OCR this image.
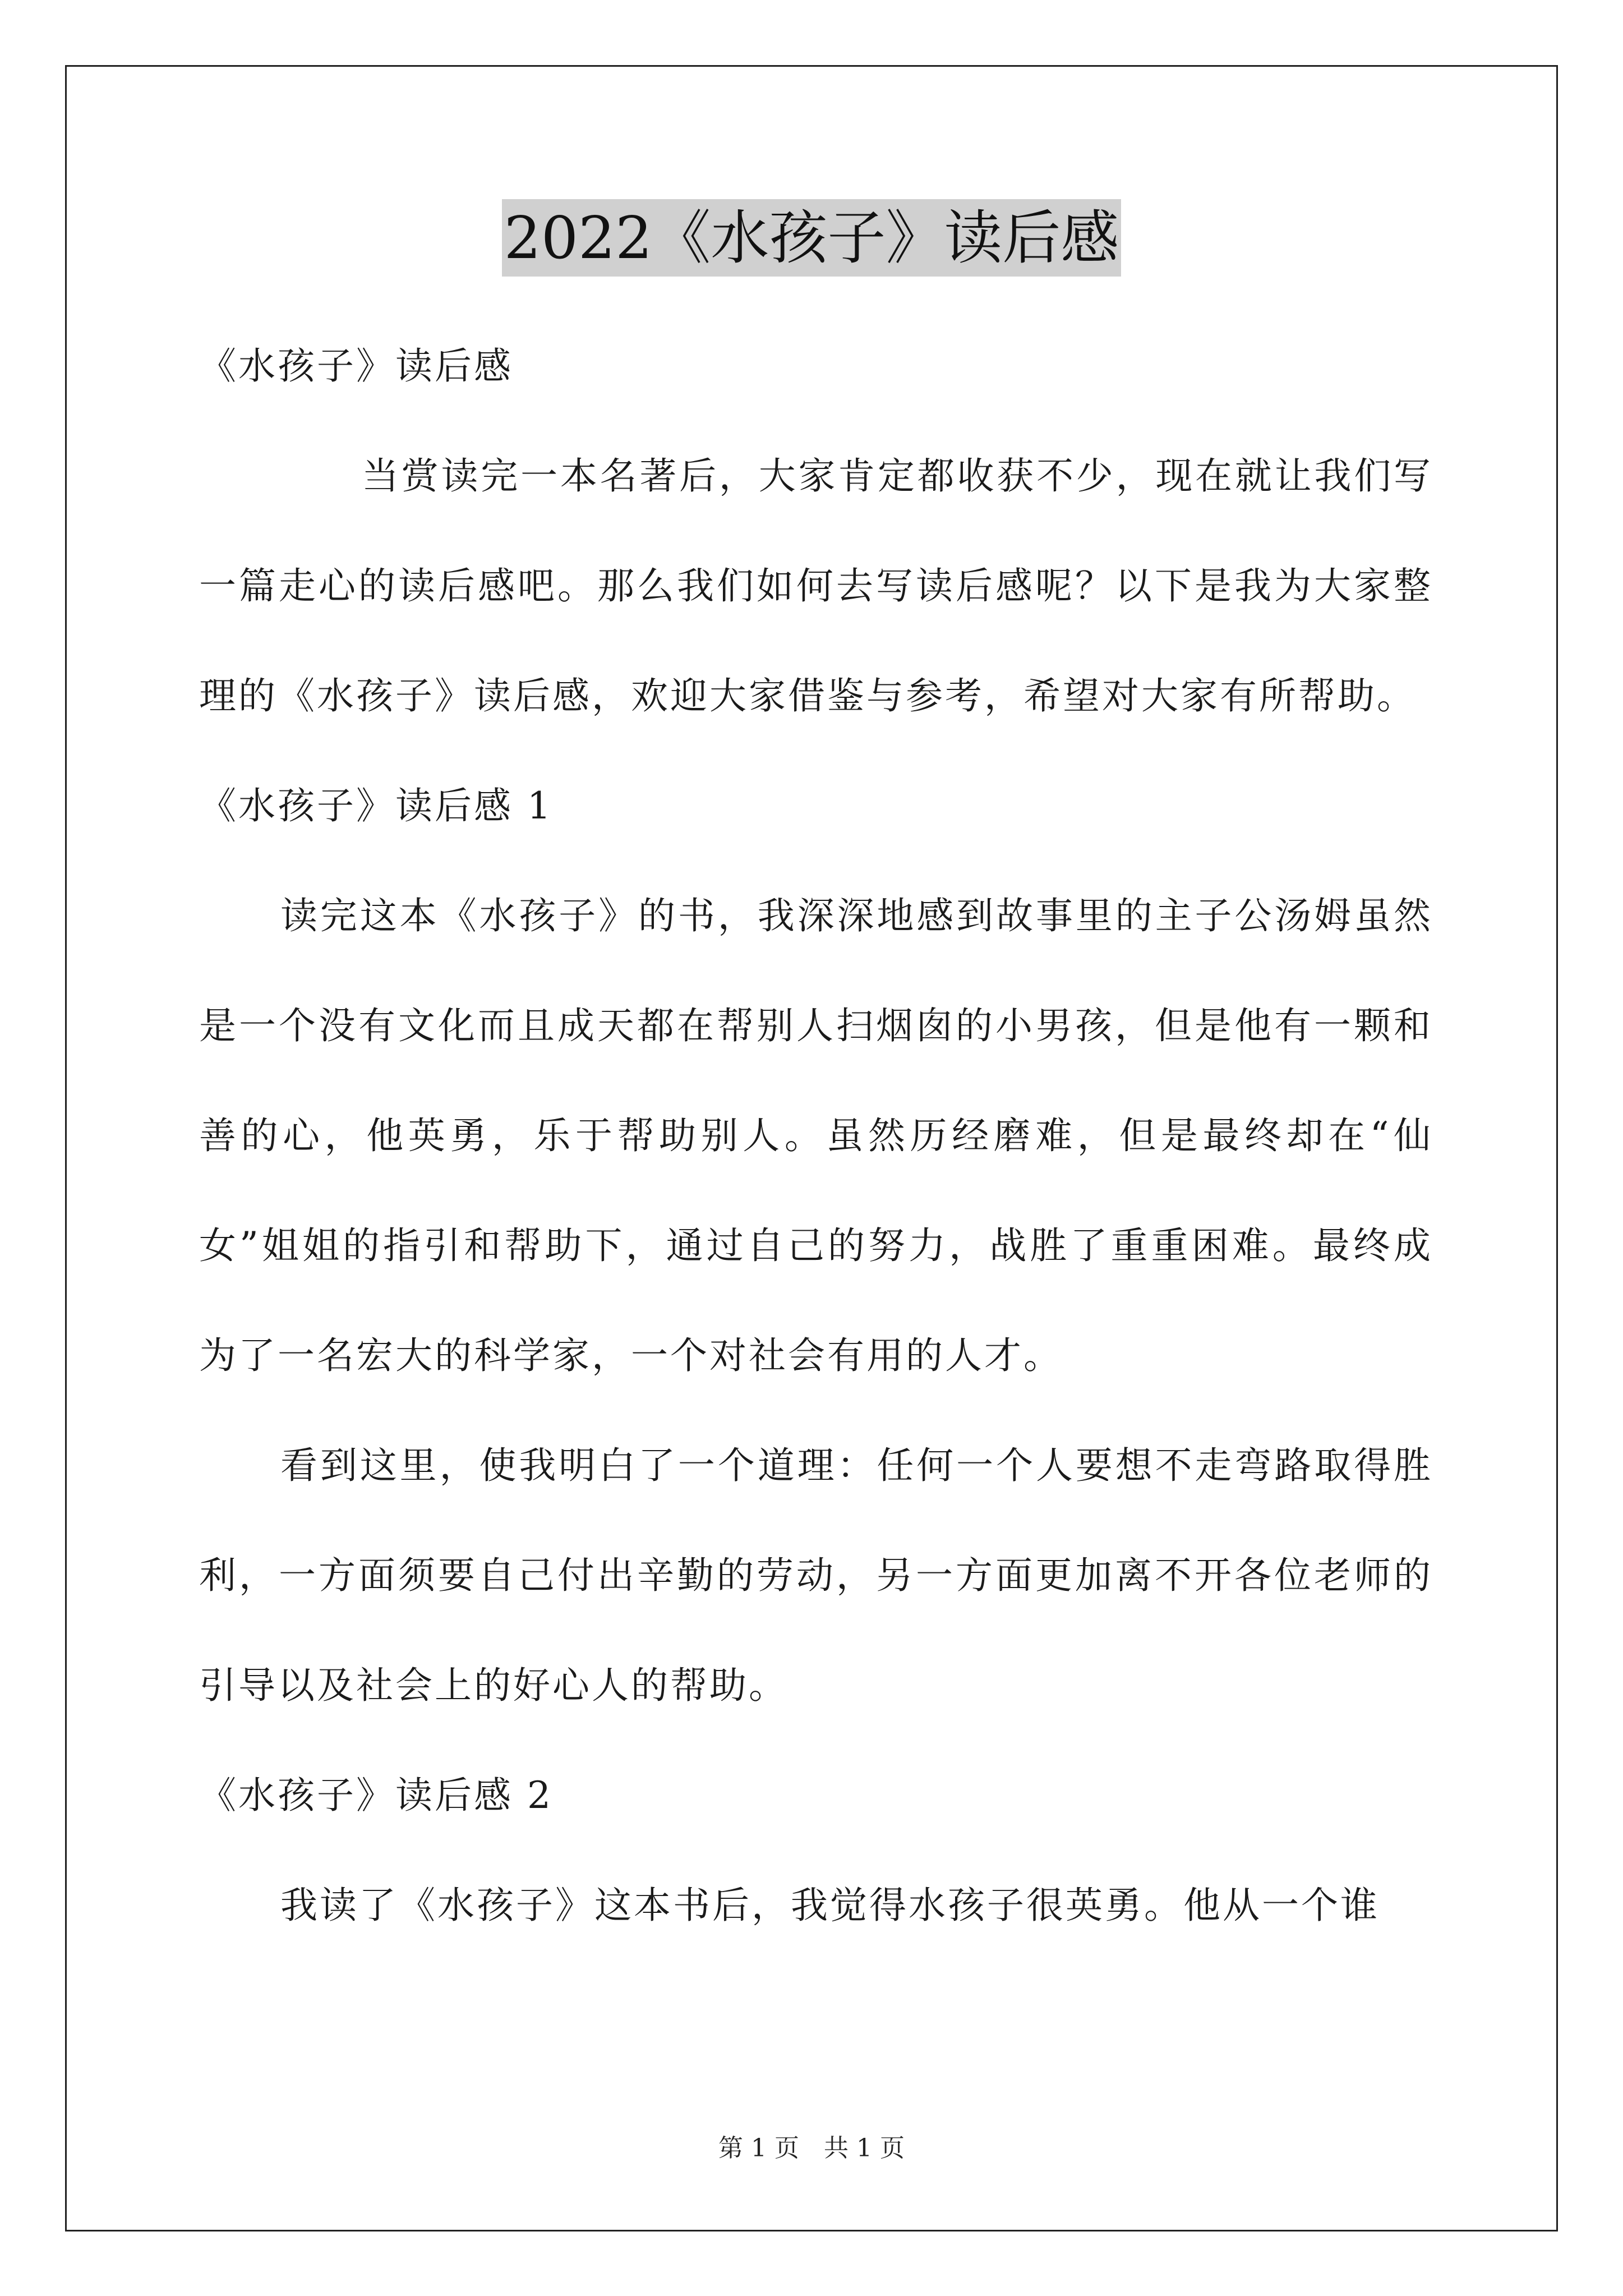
2022《水孩子》读后感

《水孩子》读后感

当赏读完一本名著后，大家肯定都收获不少，现在就让我们写一篇走心的读后感吧。那么我们如何去写读后感呢？以下是我为大家整理的《水孩子》读后感，欢迎大家借鉴与参考，希望对大家有所帮助。

《水孩子》读后感 1

读完这本《水孩子》的书，我深深地感到故事里的主子公汤姆虽然是一个没有文化而且成天都在帮别人扫烟囱的小男孩，但是他有一颗和善的心，他英勇，乐于帮助别人。虽然历经磨难，但是最终却在“仙女”姐姐的指引和帮助下，通过自己的努力，战胜了重重困难。最终成为了一名宏大的科学家，一个对社会有用的人才。

看到这里，使我明白了一个道理：任何一个人要想不走弯路取得胜利，一方面须要自己付出辛勤的劳动，另一方面更加离不开各位老师的引导以及社会上的好心人的帮助。

《水孩子》读后感 2

我读了《水孩子》这本书后，我觉得水孩子很英勇。他从一个谁

第 1 页　共 1 页
